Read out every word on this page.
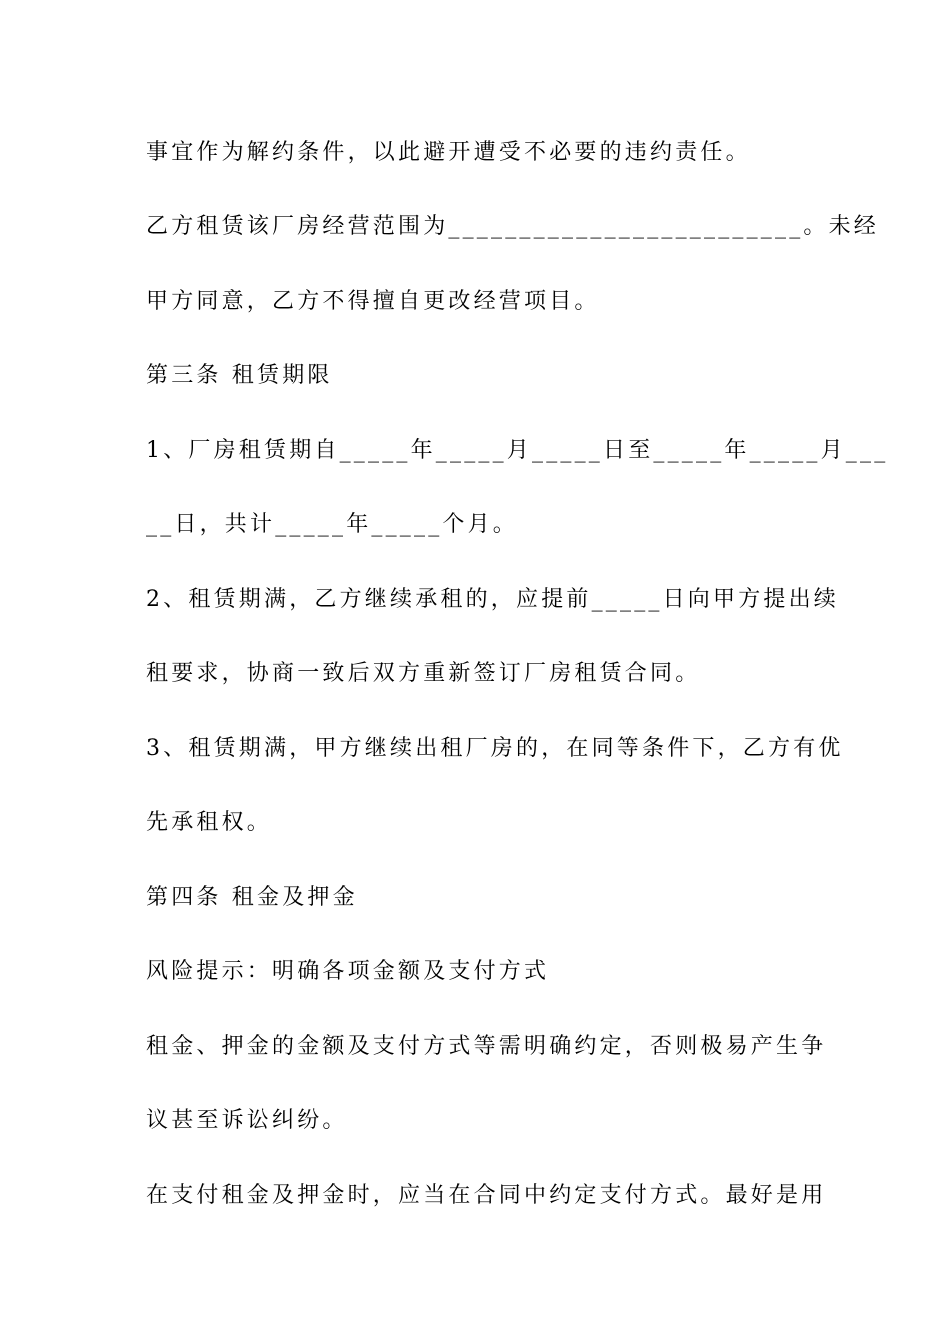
事宜作为解约条件，以此避开遭受不必要的违约责任。
乙方租赁该厂房经营范围为_________________________。未经
甲方同意，乙方不得擅自更改经营项目。
第三条 租赁期限
1、厂房租赁期自_____年_____月_____日至_____年_____月___
__日，共计_____年_____个月。
2、租赁期满，乙方继续承租的，应提前_____日向甲方提出续
租要求，协商一致后双方重新签订厂房租赁合同。
3、租赁期满，甲方继续出租厂房的，在同等条件下，乙方有优
先承租权。
第四条 租金及押金
风险提示：明确各项金额及支付方式
租金、押金的金额及支付方式等需明确约定，否则极易产生争
议甚至诉讼纠纷。
在支付租金及押金时，应当在合同中约定支付方式。最好是用
